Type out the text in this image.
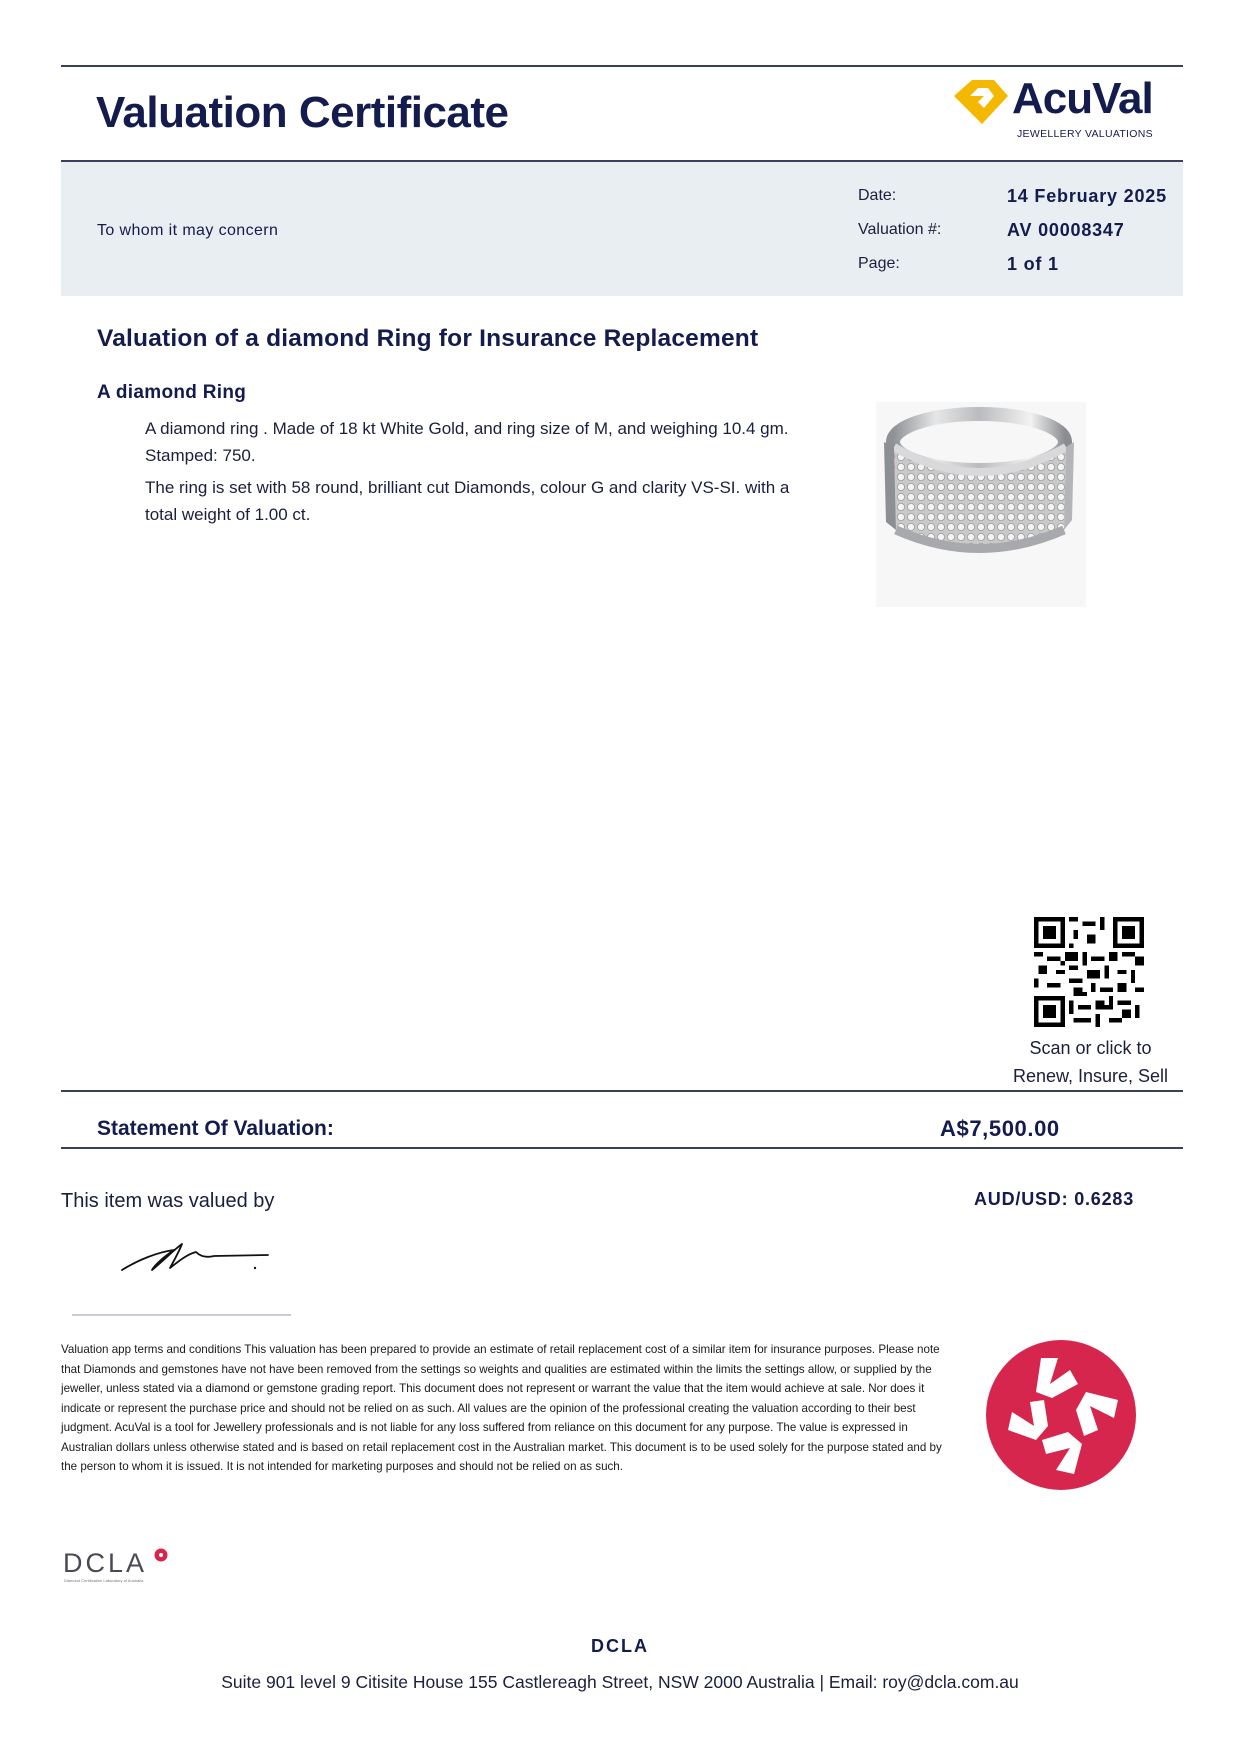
Valuation Certificate	AcuVal
JEWELLERY VALUATIONS
To whom it may concern
Date:	14 February 2025
Valuation #:	AV 00008347
Page:	1 of 1
Valuation of a diamond Ring for Insurance Replacement
A diamond Ring
A diamond ring . Made of 18 kt White Gold, and ring size of M, and weighing 10.4 gm. Stamped: 750.
The ring is set with 58 round, brilliant cut Diamonds, colour G and clarity VS-SI. with a total weight of 1.00 ct.
Scan or click to
Renew, Insure, Sell
Statement Of Valuation:	A$7,500.00
This item was valued by	AUD/USD: 0.6283
Valuation app terms and conditions This valuation has been prepared to provide an estimate of retail replacement cost of a similar item for insurance purposes. Please note that Diamonds and gemstones have not have been removed from the settings so weights and qualities are estimated within the limits the settings allow, or supplied by the jeweller, unless stated via a diamond or gemstone grading report. This document does not represent or warrant the value that the item would achieve at sale. Nor does it indicate or represent the purchase price and should not be relied on as such. All values are the opinion of the professional creating the valuation according to their best judgment. AcuVal is a tool for Jewellery professionals and is not liable for any loss suffered from reliance on this document for any purpose. The value is expressed in Australian dollars unless otherwise stated and is based on retail replacement cost in the Australian market. This document is to be used solely for the purpose stated and by the person to whom it is issued. It is not intended for marketing purposes and should not be relied on as such.
DCLA
Diamond Certification Laboratory of Australia
DCLA
Suite 901 level 9 Citisite House 155 Castlereagh Street, NSW 2000 Australia | Email: roy@dcla.com.au
